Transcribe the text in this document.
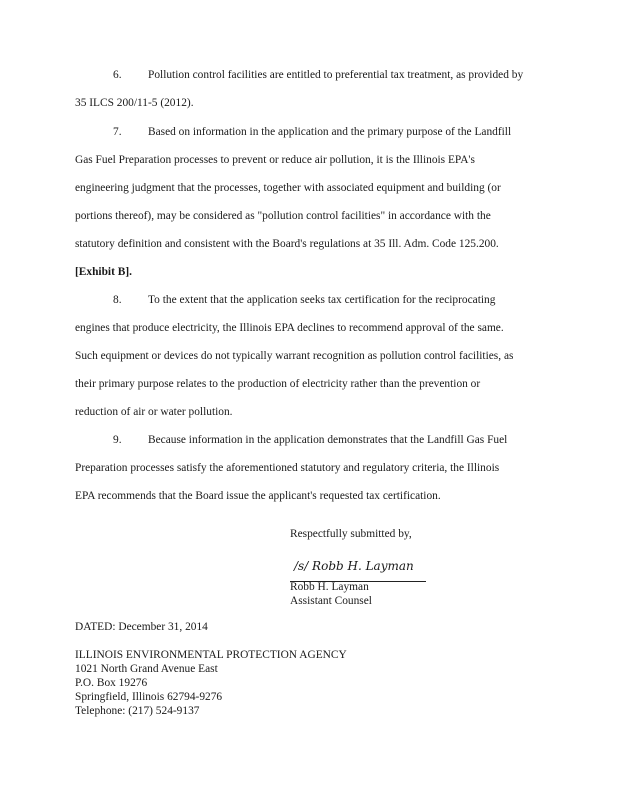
6. Pollution control facilities are entitled to preferential tax treatment, as provided by
35 ILCS 200/11-5 (2012).
7. Based on information in the application and the primary purpose of the Landfill
Gas Fuel Preparation processes to prevent or reduce air pollution, it is the Illinois EPA's
engineering judgment that the processes, together with associated equipment and building (or
portions thereof), may be considered as "pollution control facilities" in accordance with the
statutory definition and consistent with the Board's regulations at 35 Ill. Adm. Code 125.200.
[Exhibit B].
8. To the extent that the application seeks tax certification for the reciprocating
engines that produce electricity, the Illinois EPA declines to recommend approval of the same.
Such equipment or devices do not typically warrant recognition as pollution control facilities, as
their primary purpose relates to the production of electricity rather than the prevention or
reduction of air or water pollution.
9. Because information in the application demonstrates that the Landfill Gas Fuel
Preparation processes satisfy the aforementioned statutory and regulatory criteria, the Illinois
EPA recommends that the Board issue the applicant's requested tax certification.
Respectfully submitted by,
/s/ Robb H. Layman
Robb H. Layman
Assistant Counsel
DATED: December 31, 2014
ILLINOIS ENVIRONMENTAL PROTECTION AGENCY
1021 North Grand Avenue East
P.O. Box 19276
Springfield, Illinois 62794-9276
Telephone: (217) 524-9137
